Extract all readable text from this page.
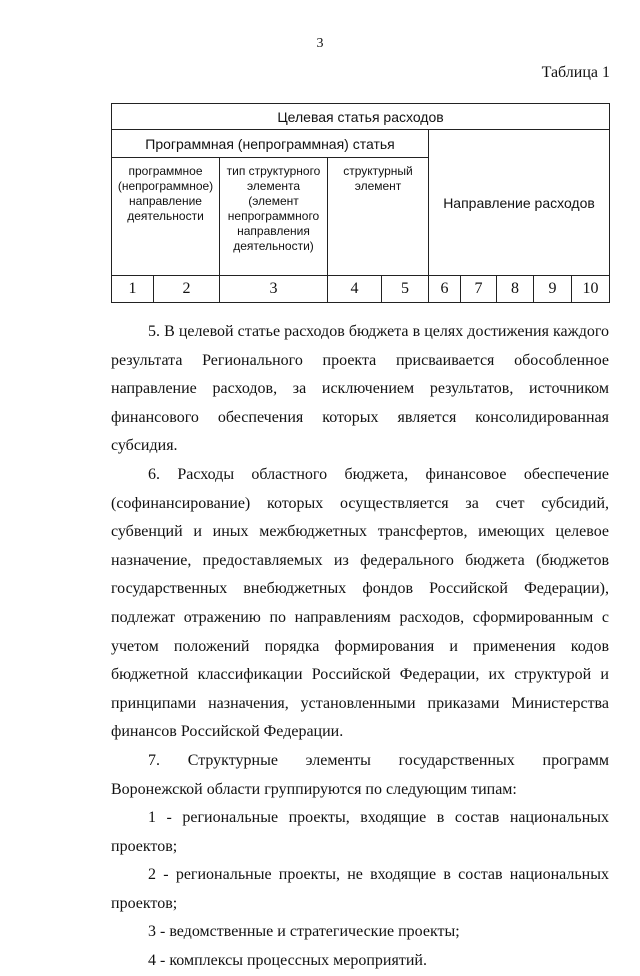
3
Таблица 1
Целевая статья расходов									
Программная (непрограммная) статья					Направление расходов				
программное (непрограммное) направление деятельности		тип структурного элемента (элемент непрограммного направления деятельности)	структурный элемент						
1	2	3	4	5	6	7	8	9	10

5. В целевой статье расходов бюджета в целях достижения каждого результата Регионального проекта присваивается обособленное направление расходов, за исключением результатов, источником финансового обеспечения которых является консолидированная субсидия.

6. Расходы областного бюджета, финансовое обеспечение (софинансирование) которых осуществляется за счет субсидий, субвенций и иных межбюджетных трансфертов, имеющих целевое назначение, предоставляемых из федерального бюджета (бюджетов государственных внебюджетных фондов Российской Федерации), подлежат отражению по направлениям расходов, сформированным с учетом положений порядка формирования и применения кодов бюджетной классификации Российской Федерации, их структурой и принципами назначения, установленными приказами Министерства финансов Российской Федерации.

7. Структурные элементы государственных программ Воронежской области группируются по следующим типам:

1 - региональные проекты, входящие в состав национальных проектов;

2 - региональные проекты, не входящие в состав национальных проектов;

3 - ведомственные и стратегические проекты;

4 - комплексы процессных мероприятий.
